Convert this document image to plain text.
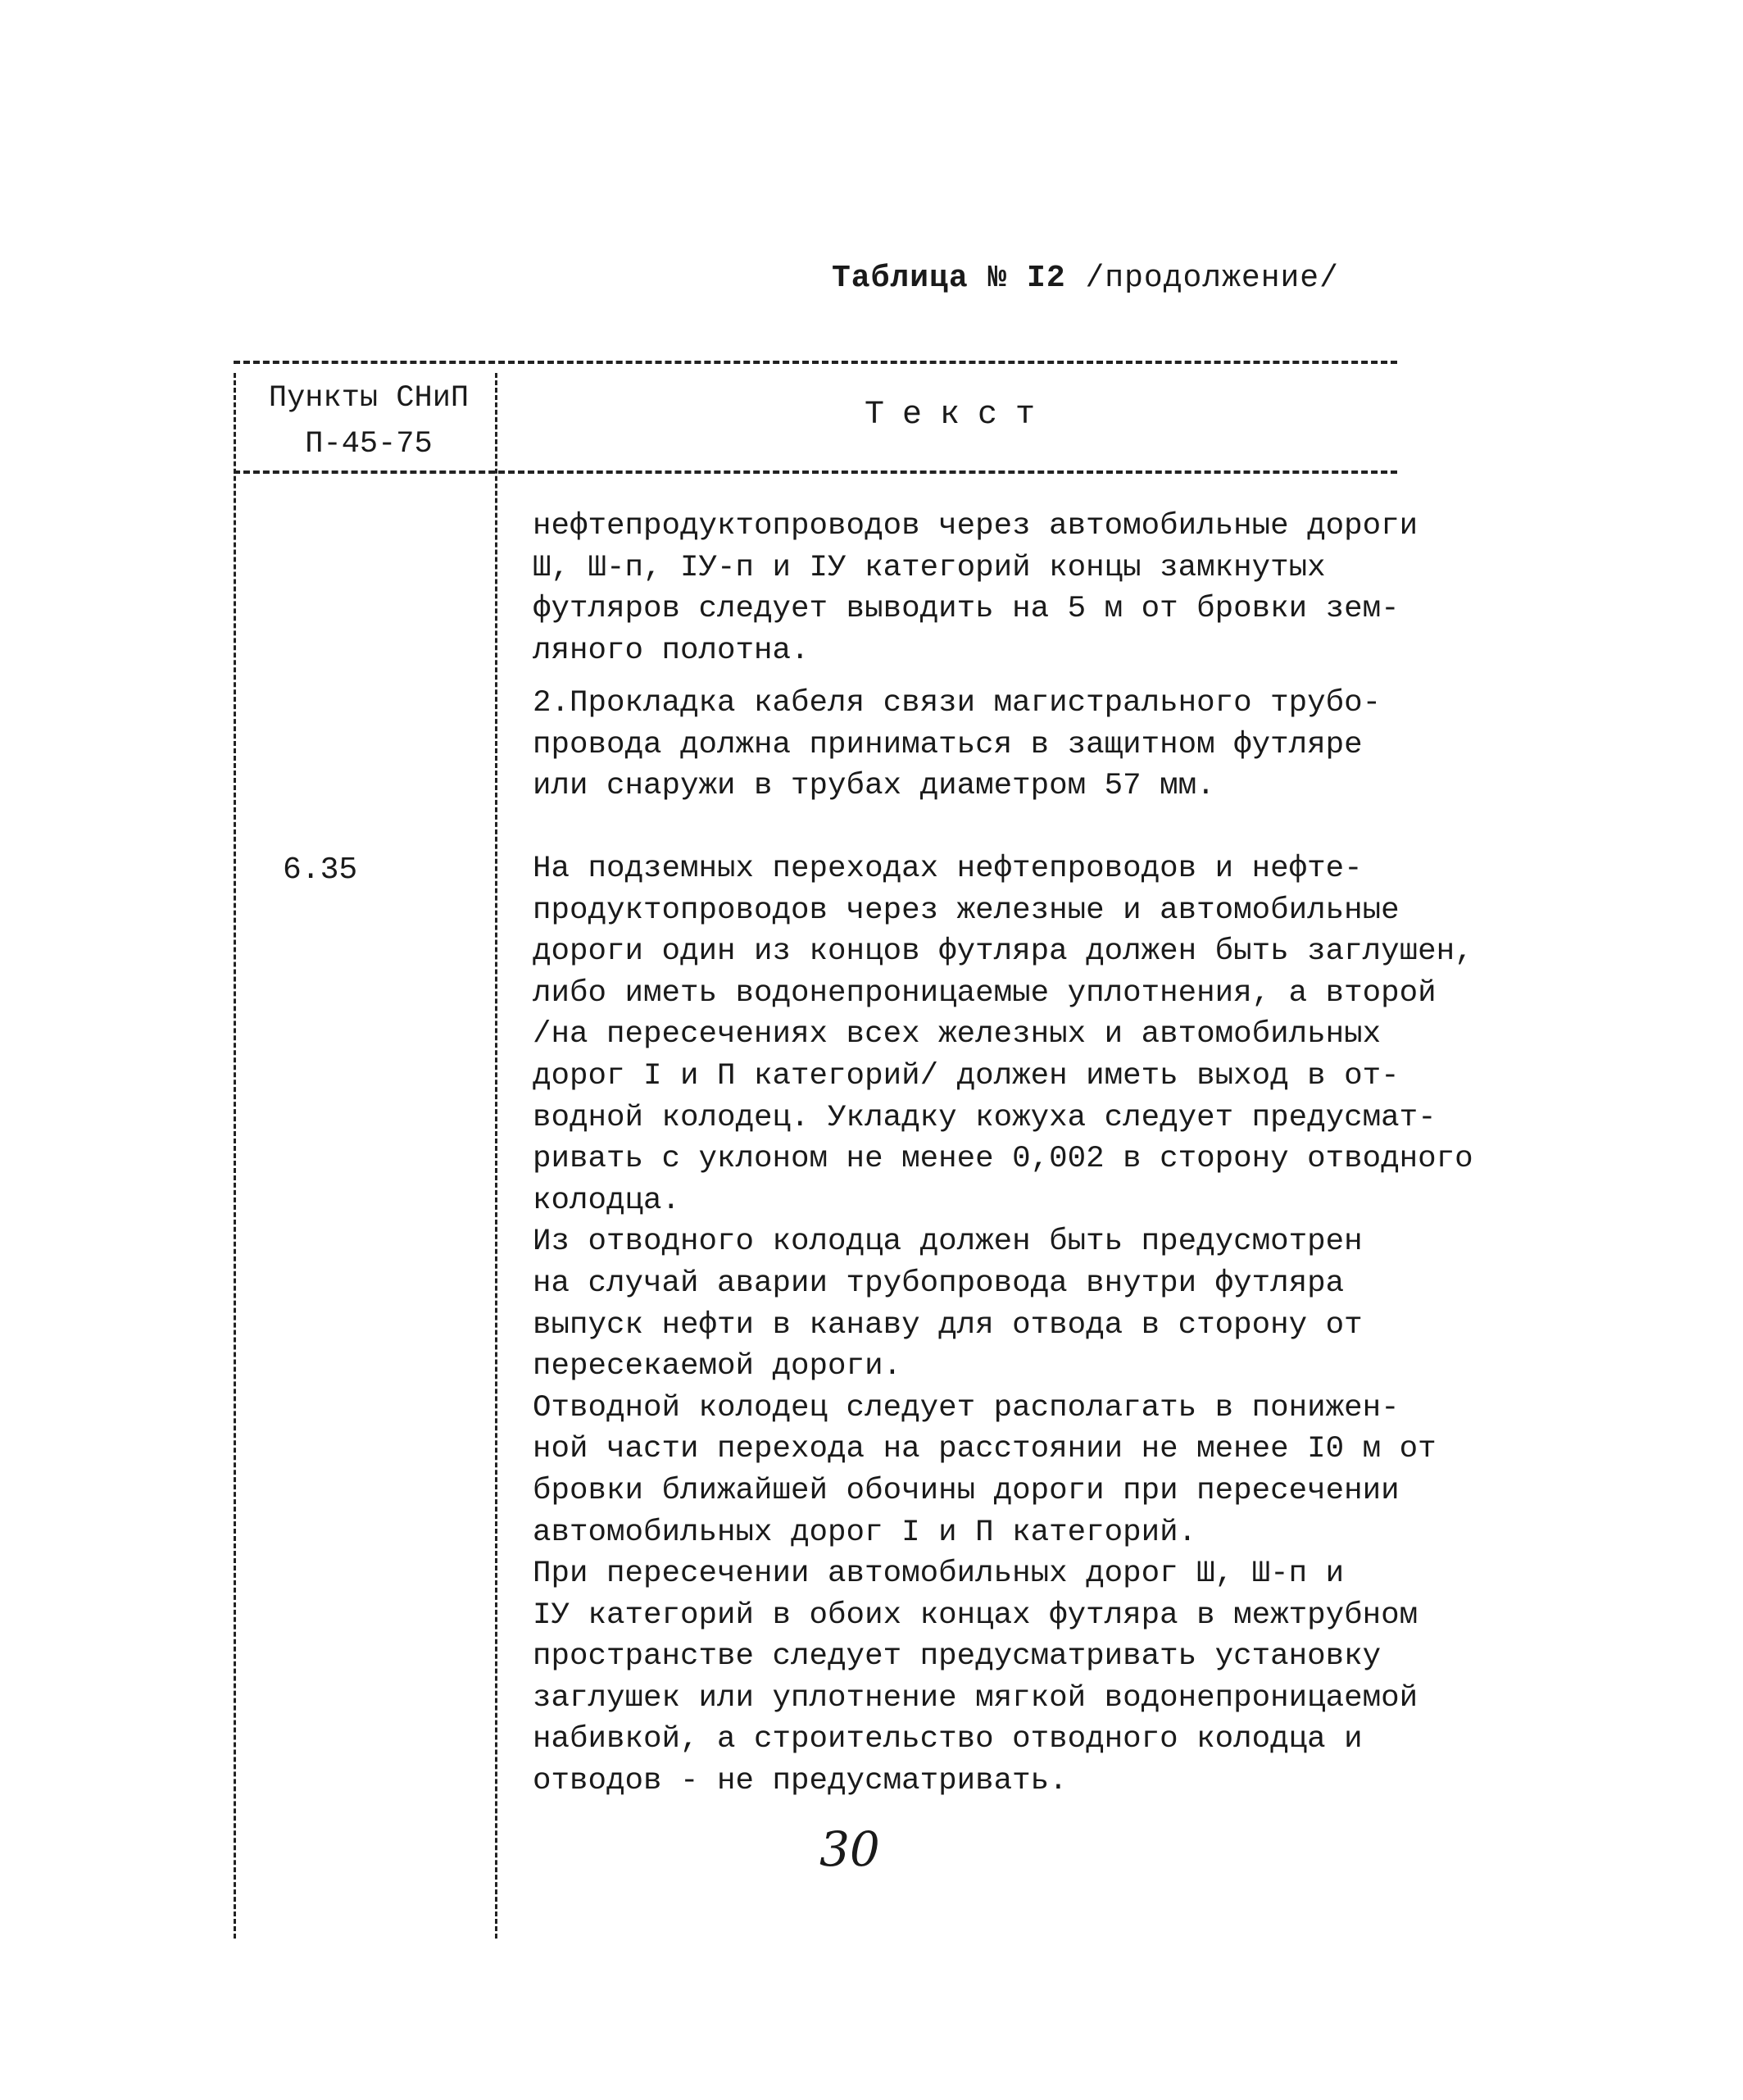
Таблица № I2 /продолжение/
Пункты СНиП
П-45-75
Текст
нефтепродуктопроводов через автомобильные дороги
Ш, Ш-п, IУ-п и IУ категорий концы замкнутых
футляров следует выводить на 5 м от бровки зем-
ляного полотна.
2.Прокладка кабеля связи магистрального трубо-
провода должна приниматься в защитном футляре
или снаружи в трубах диаметром 57 мм.
6.35	На подземных переходах нефтепроводов и нефте-
продуктопроводов через железные и автомобильные
дороги один из концов футляра должен быть заглушен,
либо иметь водонепроницаемые уплотнения, а второй
/на пересечениях всех железных и автомобильных
дорог I и П категорий/ должен иметь выход в от-
водной колодец. Укладку кожуха следует предусмат-
ривать с уклоном не менее 0,002 в сторону отводного
колодца.
Из отводного колодца должен быть предусмотрен
на случай аварии трубопровода внутри футляра
выпуск нефти в канаву для отвода в сторону от
пересекаемой дороги.
Отводной колодец следует располагать в понижен-
ной части перехода на расстоянии не менее I0 м от
бровки ближайшей обочины дороги при пересечении
автомобильных дорог I и П категорий.
При пересечении автомобильных дорог Ш, Ш-п и
IУ категорий в обоих концах футляра в межтрубном
пространстве следует предусматривать установку
заглушек или уплотнение мягкой водонепроницаемой
набивкой, а строительство отводного колодца и
отводов - не предусматривать.
30
